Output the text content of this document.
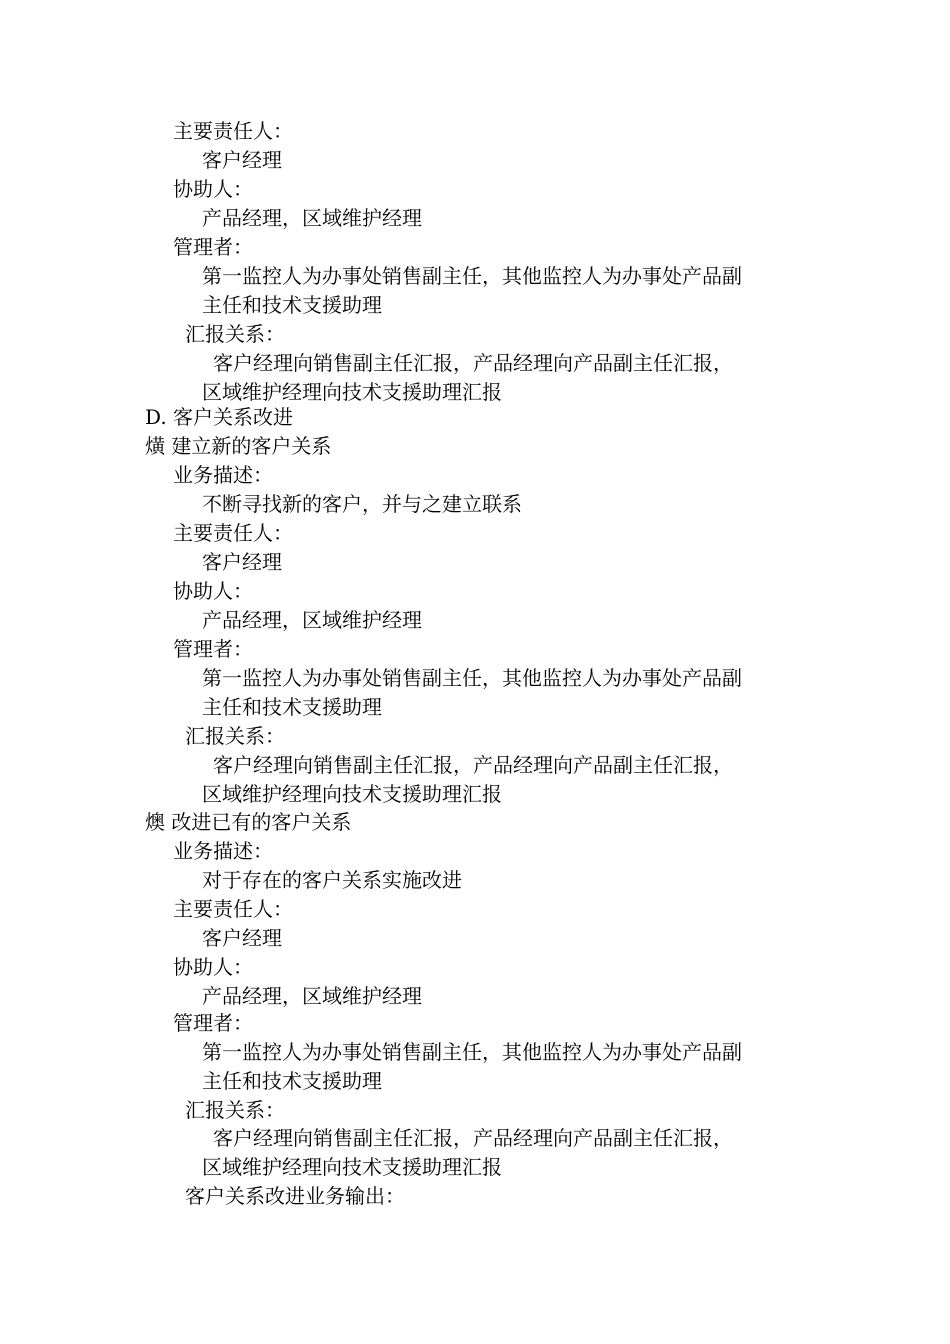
主要责任人：

客户经理

协助人：

产品经理，区域维护经理

管理者：

第一监控人为办事处销售副主任，其他监控人为办事处产品副

主任和技术支援助理

汇报关系：

客户经理向销售副主任汇报，产品经理向产品副主任汇报，

区域维护经理向技术支援助理汇报

D. 客户关系改进

熿 建立新的客户关系

业务描述：

不断寻找新的客户，并与之建立联系

主要责任人：

客户经理

协助人：

产品经理，区域维护经理

管理者：

第一监控人为办事处销售副主任，其他监控人为办事处产品副

主任和技术支援助理

汇报关系：

客户经理向销售副主任汇报，产品经理向产品副主任汇报，

区域维护经理向技术支援助理汇报

燠 改进已有的客户关系

业务描述：

对于存在的客户关系实施改进

主要责任人：

客户经理

协助人：

产品经理，区域维护经理

管理者：

第一监控人为办事处销售副主任，其他监控人为办事处产品副

主任和技术支援助理

汇报关系：

客户经理向销售副主任汇报，产品经理向产品副主任汇报，

区域维护经理向技术支援助理汇报

客户关系改进业务输出：
